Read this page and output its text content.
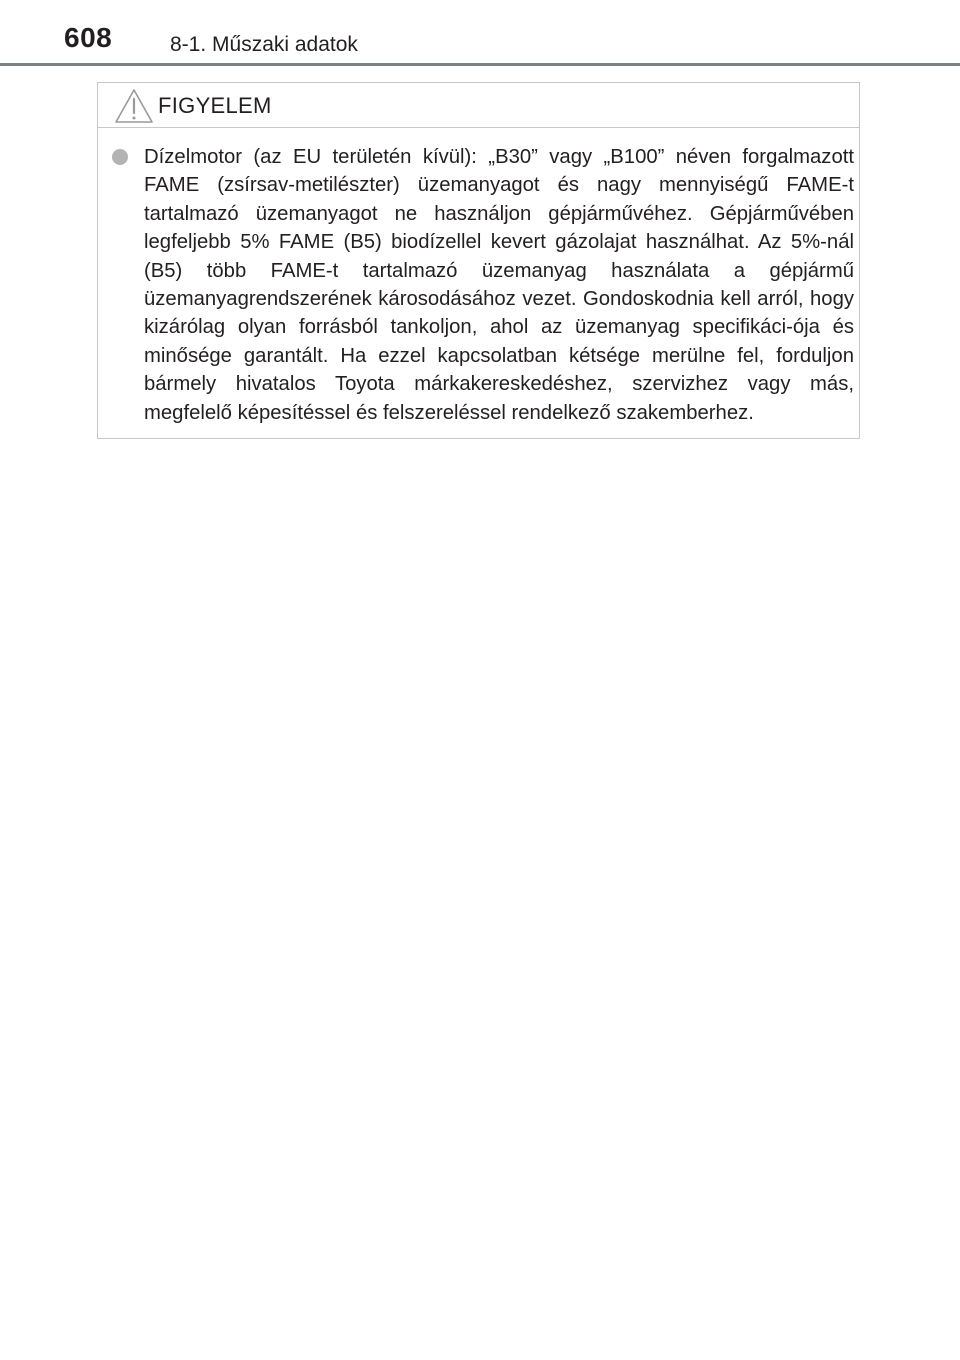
608	8-1. Műszaki adatok
FIGYELEM

Dízelmotor (az EU területén kívül): „B30” vagy „B100” néven forgalmazott FAME (zsírsav-metilészter) üzemanyagot és nagy mennyiségű FAME-t tartalmazó üzemanyagot ne használjon gépjárművéhez. Gépjárművében legfeljebb 5% FAME (B5) biodízellel kevert gázolajat használhat. Az 5%-nál (B5) több FAME-t tartalmazó üzemanyag használata a gépjármű üzemanyagrendszerének károsodásához vezet. Gondoskodnia kell arról, hogy kizárólag olyan forrásból tankoljon, ahol az üzemanyag specifikáci-ója és minősége garantált. Ha ezzel kapcsolatban kétsége merülne fel, forduljon bármely hivatalos Toyota márkakereskedéshez, szervizhez vagy más, megfelelő képesítéssel és felszereléssel rendelkező szakemberhez.
